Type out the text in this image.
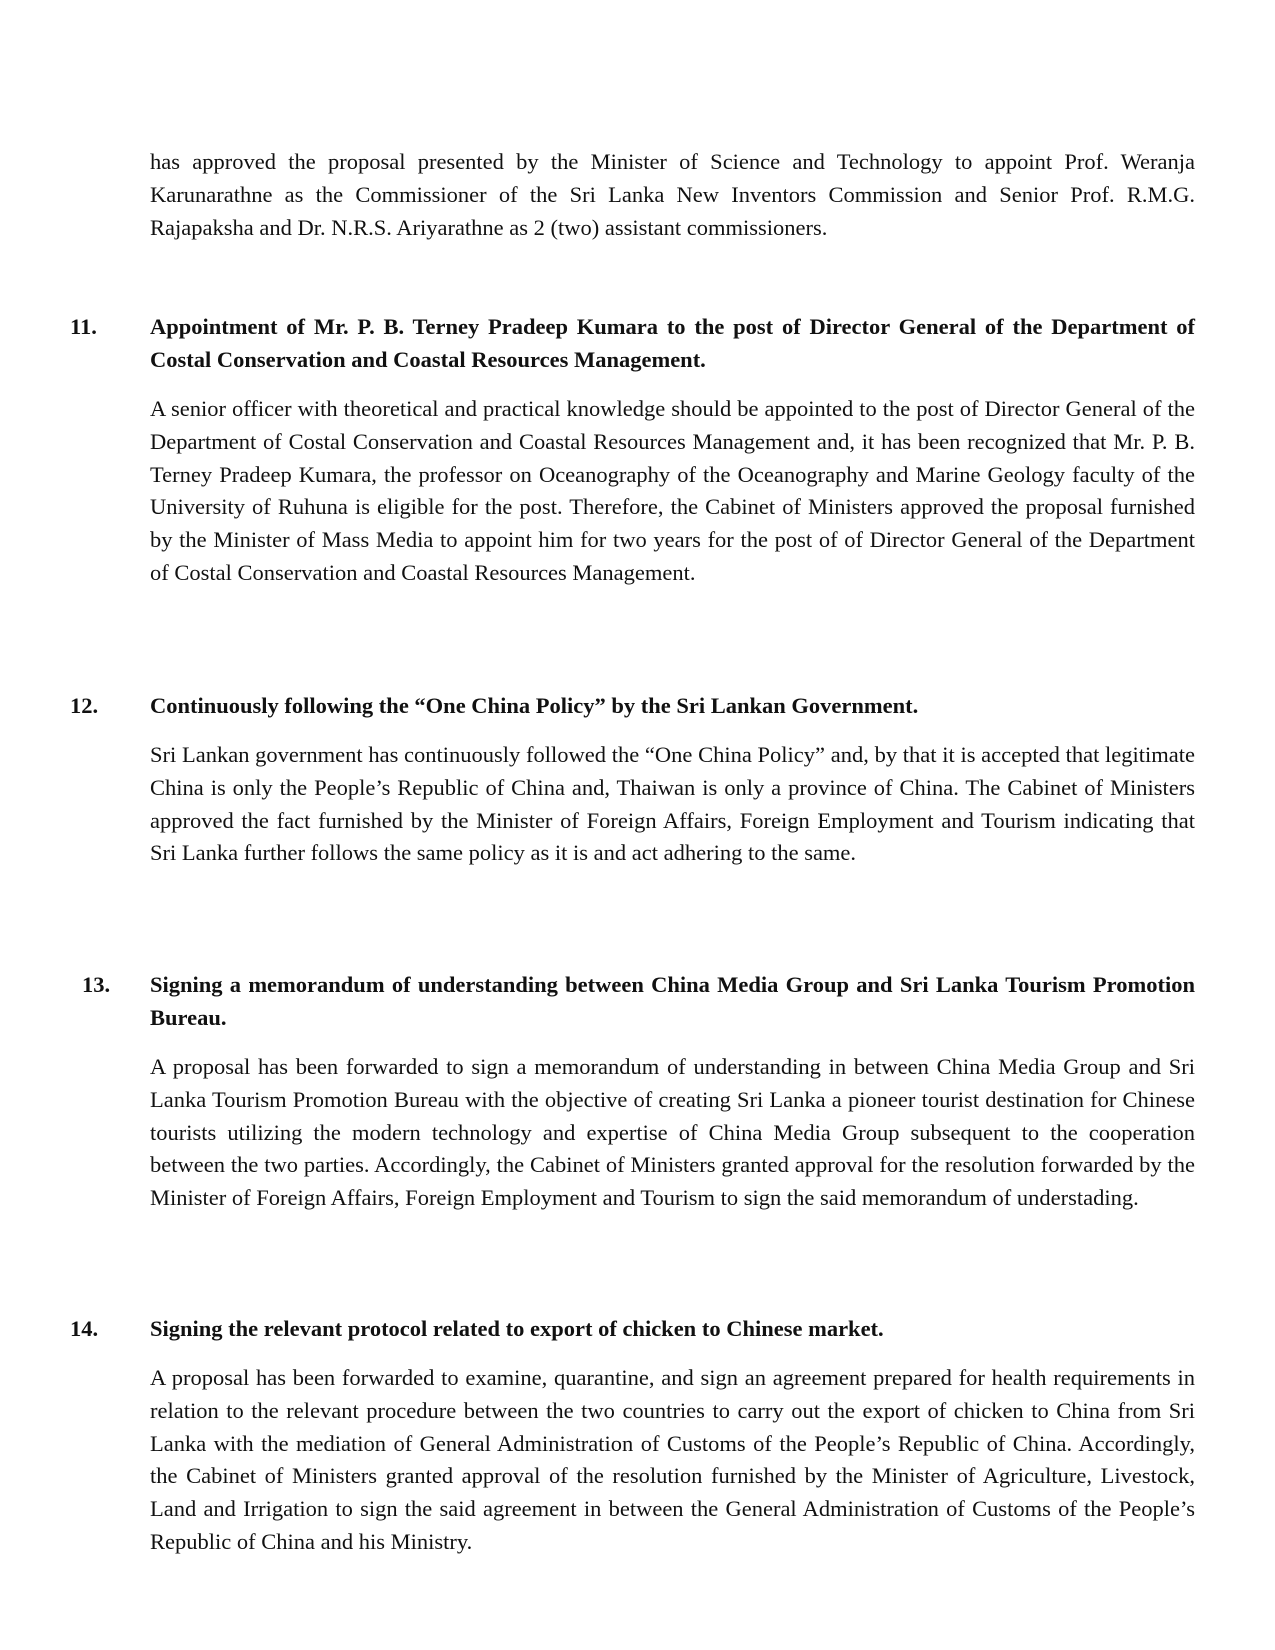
has approved the proposal presented by the Minister of Science and Technology to appoint Prof. Weranja Karunarathne as the Commissioner of the Sri Lanka New Inventors Commission and Senior Prof. R.M.G. Rajapaksha and Dr. N.R.S. Ariyarathne as 2 (two) assistant commissioners.

11. Appointment of Mr. P. B. Terney Pradeep Kumara to the post of Director General of the Department of Costal Conservation and Coastal Resources Management.

A senior officer with theoretical and practical knowledge should be appointed to the post of Director General of the Department of Costal Conservation and Coastal Resources Management and, it has been recognized that Mr. P. B. Terney Pradeep Kumara, the professor on Oceanography of the Oceanography and Marine Geology faculty of the University of Ruhuna is eligible for the post. Therefore, the Cabinet of Ministers approved the proposal furnished by the Minister of Mass Media to appoint him for two years for the post of of Director General of the Department of Costal Conservation and Coastal Resources Management.

12. Continuously following the “One China Policy” by the Sri Lankan Government.

Sri Lankan government has continuously followed the “One China Policy” and, by that it is accepted that legitimate China is only the People’s Republic of China and, Thaiwan is only a province of China. The Cabinet of Ministers approved the fact furnished by the Minister of Foreign Affairs, Foreign Employment and Tourism indicating that Sri Lanka further follows the same policy as it is and act adhering to the same.

13. Signing a memorandum of understanding between China Media Group and Sri Lanka Tourism Promotion Bureau.

A proposal has been forwarded to sign a memorandum of understanding in between China Media Group and Sri Lanka Tourism Promotion Bureau with the objective of creating Sri Lanka a pioneer tourist destination for Chinese tourists utilizing the modern technology and expertise of China Media Group subsequent to the cooperation between the two parties. Accordingly, the Cabinet of Ministers granted approval for the resolution forwarded by the Minister of Foreign Affairs, Foreign Employment and Tourism to sign the said memorandum of understading.

14. Signing the relevant protocol related to export of chicken to Chinese market.

A proposal has been forwarded to examine, quarantine, and sign an agreement prepared for health requirements in relation to the relevant procedure between the two countries to carry out the export of chicken to China from Sri Lanka with the mediation of General Administration of Customs of the People’s Republic of China. Accordingly, the Cabinet of Ministers granted approval of the resolution furnished by the Minister of Agriculture, Livestock, Land and Irrigation to sign the said agreement in between the General Administration of Customs of the People’s Republic of China and his Ministry.
